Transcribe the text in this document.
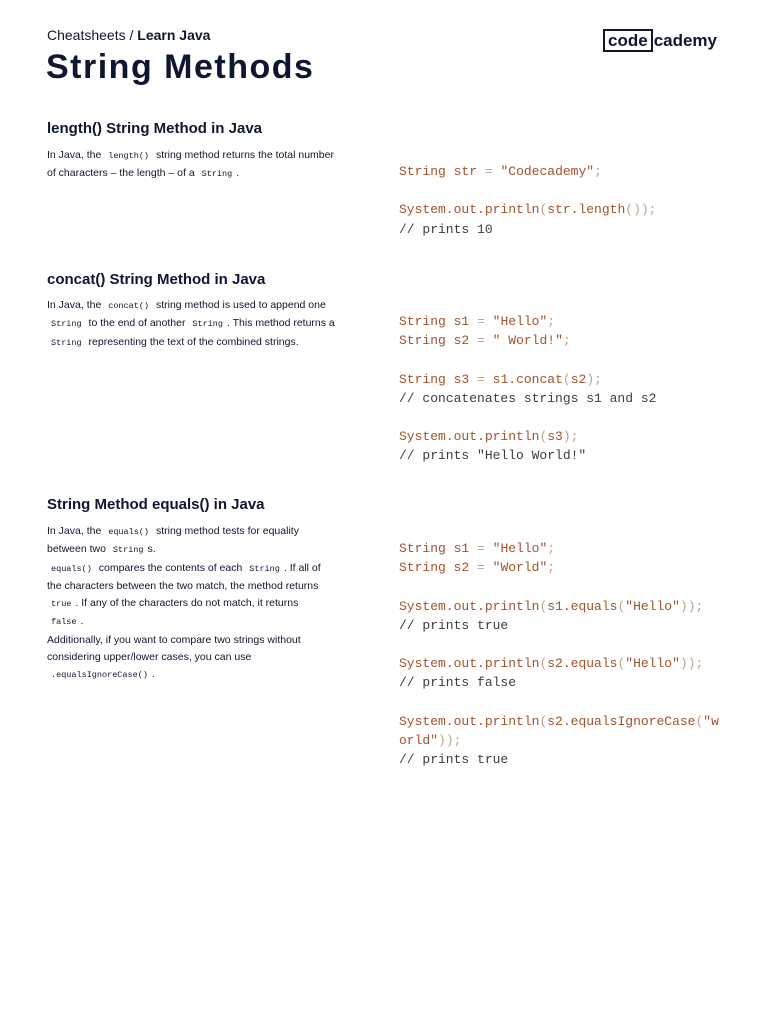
Cheatsheets / Learn Java
String Methods
code cademy
length() String Method in Java

In Java, the length() string method returns the total number of characters – the length – of a String .	String str = "Codecademy";
System.out.println(str.length());
// prints 10
concat() String Method in Java

In Java, the concat() string method is used to append one String to the end of another String . This method returns a String representing the text of the combined strings.

String s1 = "Hello";
String s2 = " World!";
String s3 = s1.concat(s2);
// concatenates strings s1 and s2
System.out.println(s3);
// prints "Hello World!"
String Method equals() in Java

In Java, the equals() string method tests for equality between two String s.
equals() compares the contents of each String . If all of the characters between the two match, the method returns true . If any of the characters do not match, it returns false .
Additionally, if you want to compare two strings without considering upper/lower cases, you can use .equalsIgnoreCase() .

String s1 = "Hello";
String s2 = "World";
System.out.println(s1.equals("Hello"));
// prints true
System.out.println(s2.equals("Hello"));
// prints false
System.out.println(s2.equalsIgnoreCase("w
orld"));
// prints true
